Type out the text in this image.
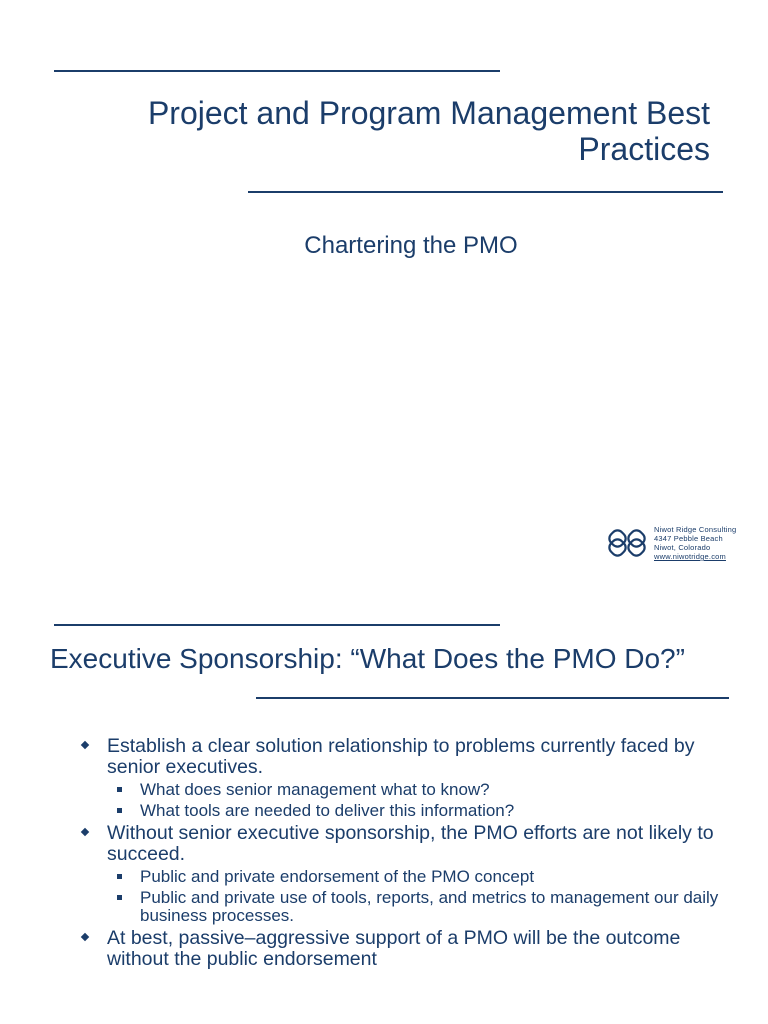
Project and Program Management Best Practices
Chartering the PMO
Niwot Ridge Consulting
4347 Pebble Beach
Niwot, Colorado
www.niwotridge.com
Executive Sponsorship: “What Does the PMO Do?”
Establish a clear solution relationship to problems currently faced by senior executives.
What does senior management what to know?
What tools are needed to deliver this information?
Without senior executive sponsorship, the PMO efforts are not likely to succeed.
Public and private endorsement of the PMO concept
Public and private use of tools, reports, and metrics to management our daily business processes.
At best, passive–aggressive support of a PMO will be the outcome without the public endorsement
